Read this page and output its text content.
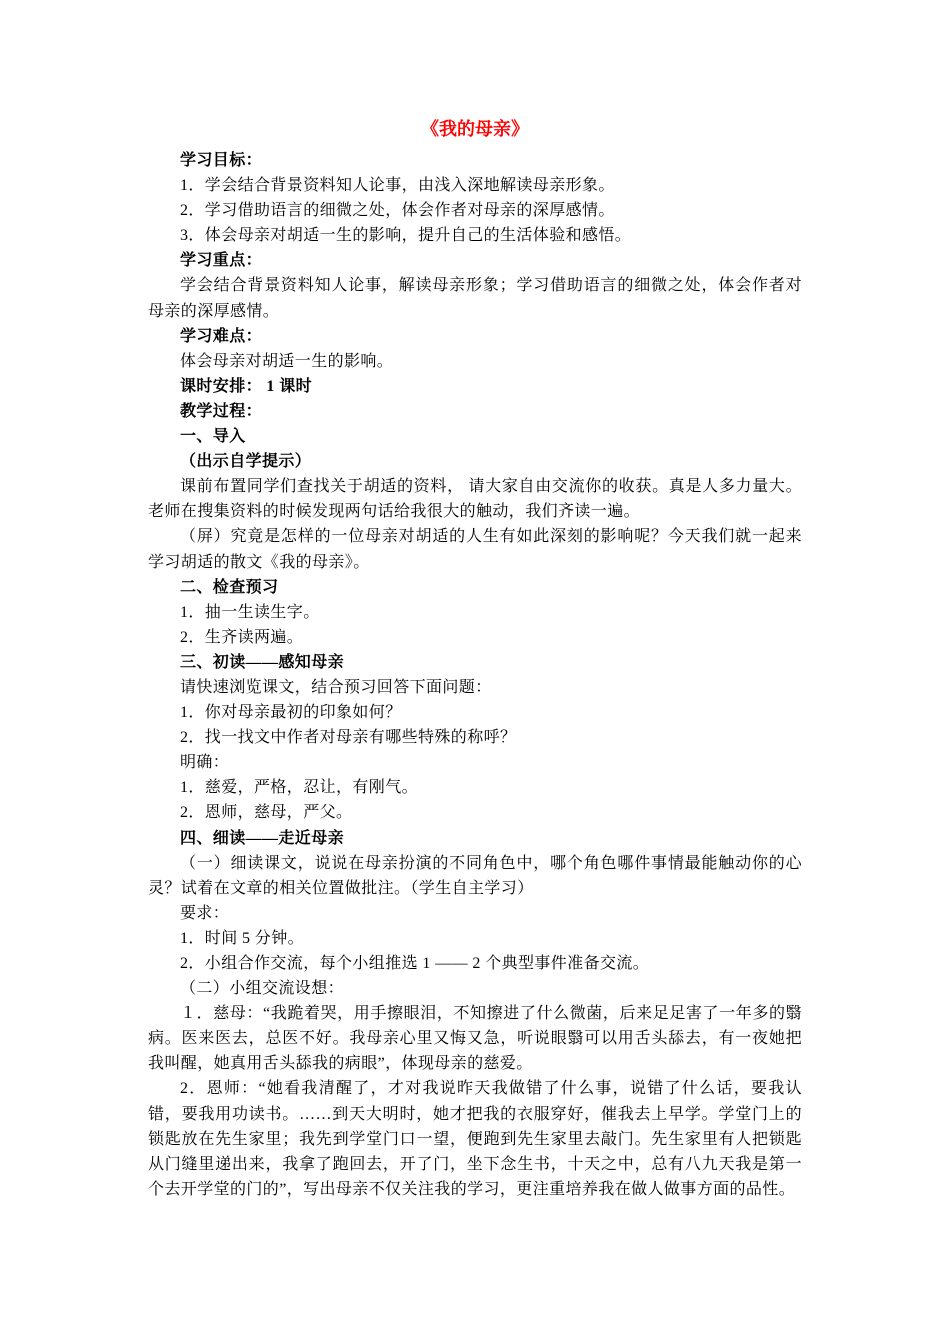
《我的母亲》

学习目标：

1．学会结合背景资料知人论事，由浅入深地解读母亲形象。

2．学习借助语言的细微之处，体会作者对母亲的深厚感情。

3．体会母亲对胡适一生的影响，提升自己的生活体验和感悟。

学习重点：

学会结合背景资料知人论事，解读母亲形象；学习借助语言的细微之处，体会作者对母亲的深厚感情。

学习难点：

体会母亲对胡适一生的影响。

课时安排： 1 课时

教学过程：

一、导入

（出示自学提示）

课前布置同学们查找关于胡适的资料， 请大家自由交流你的收获。真是人多力量大。老师在搜集资料的时候发现两句话给我很大的触动，我们齐读一遍。

（屏）究竟是怎样的一位母亲对胡适的人生有如此深刻的影响呢？今天我们就一起来学习胡适的散文《我的母亲》。

二、检查预习

1．抽一生读生字。

2．生齐读两遍。

三、初读——感知母亲

请快速浏览课文，结合预习回答下面问题：

1．你对母亲最初的印象如何？

2．找一找文中作者对母亲有哪些特殊的称呼？

明确：

1．慈爱，严格，忍让，有刚气。

2．恩师，慈母，严父。

四、细读——走近母亲

（一）细读课文，说说在母亲扮演的不同角色中，哪个角色哪件事情最能触动你的心灵？试着在文章的相关位置做批注。（学生自主学习）

要求：

1．时间 5 分钟。

2．小组合作交流，每个小组推选 1 —— 2 个典型事件准备交流。

（二）小组交流设想：

１．慈母：“我跪着哭，用手擦眼泪，不知擦进了什么微菌，后来足足害了一年多的翳病。医来医去，总医不好。我母亲心里又悔又急，听说眼翳可以用舌头舔去，有一夜她把我叫醒，她真用舌头舔我的病眼”，体现母亲的慈爱。

2．恩师：“她看我清醒了，才对我说昨天我做错了什么事，说错了什么话，要我认错，要我用功读书。……到天大明时，她才把我的衣服穿好，催我去上早学。学堂门上的锁匙放在先生家里；我先到学堂门口一望，便跑到先生家里去敲门。先生家里有人把锁匙从门缝里递出来，我拿了跑回去，开了门，坐下念生书，十天之中，总有八九天我是第一个去开学堂的门的”，写出母亲不仅关注我的学习，更注重培养我在做人做事方面的品性。
